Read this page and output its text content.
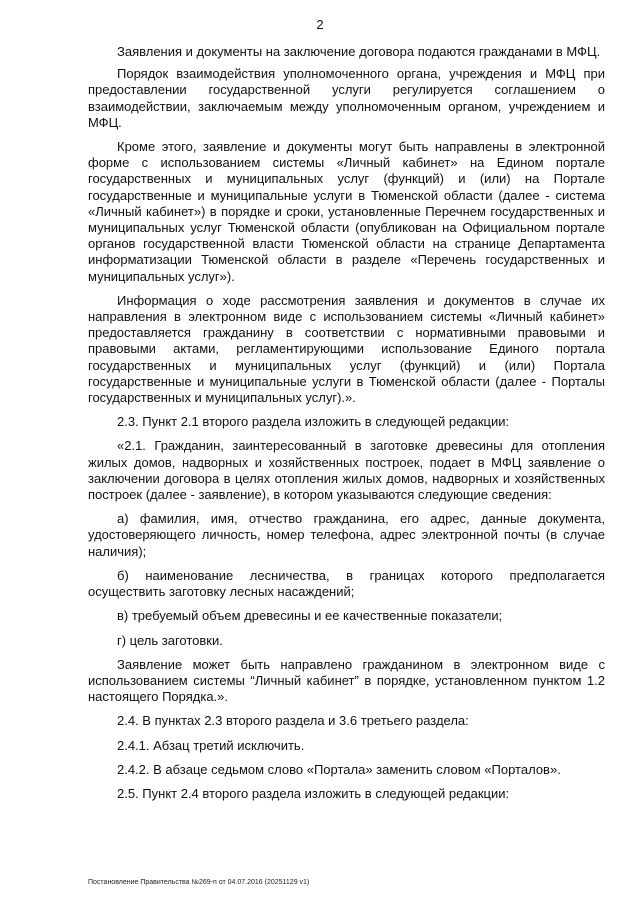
2

Заявления и документы на заключение договора подаются гражданами в МФЦ.

Порядок взаимодействия уполномоченного органа, учреждения и МФЦ при предоставлении государственной услуги регулируется соглашением о взаимодействии, заключаемым между уполномоченным органом, учреждением и МФЦ.

Кроме этого, заявление и документы могут быть направлены в электронной форме с использованием системы «Личный кабинет» на Едином портале государственных и муниципальных услуг (функций) и (или) на Портале государственные и муниципальные услуги в Тюменской области (далее - система «Личный кабинет») в порядке и сроки, установленные Перечнем государственных и муниципальных услуг Тюменской области (опубликован на Официальном портале органов государственной власти Тюменской области на странице Департамента информатизации Тюменской области в разделе «Перечень государственных и муниципальных услуг»).

Информация о ходе рассмотрения заявления и документов в случае их направления в электронном виде с использованием системы «Личный кабинет» предоставляется гражданину в соответствии с нормативными правовыми и правовыми актами, регламентирующими использование Единого портала государственных и муниципальных услуг (функций) и (или) Портала государственные и муниципальные услуги в Тюменской области (далее - Порталы государственных и муниципальных услуг).».

2.3. Пункт 2.1 второго раздела изложить в следующей редакции:

«2.1. Гражданин, заинтересованный в заготовке древесины для отопления жилых домов, надворных и хозяйственных построек, подает в МФЦ заявление о заключении договора в целях отопления жилых домов, надворных и хозяйственных построек (далее - заявление), в котором указываются следующие сведения:

а) фамилия, имя, отчество гражданина, его адрес, данные документа, удостоверяющего личность, номер телефона, адрес электронной почты (в случае наличия);

б) наименование лесничества, в границах которого предполагается осуществить заготовку лесных насаждений;

в) требуемый объем древесины и ее качественные показатели;

г) цель заготовки.

Заявление может быть направлено гражданином в электронном виде с использованием системы “Личный кабинет” в порядке, установленном пунктом 1.2 настоящего Порядка.».

2.4. В пунктах 2.3 второго раздела и 3.6 третьего раздела:

2.4.1. Абзац третий исключить.

2.4.2. В абзаце седьмом слово «Портала» заменить словом «Порталов».

2.5. Пункт 2.4 второго раздела изложить в следующей редакции:

Постановление Правительства №269-п от 04.07.2016 (20251129 v1)
